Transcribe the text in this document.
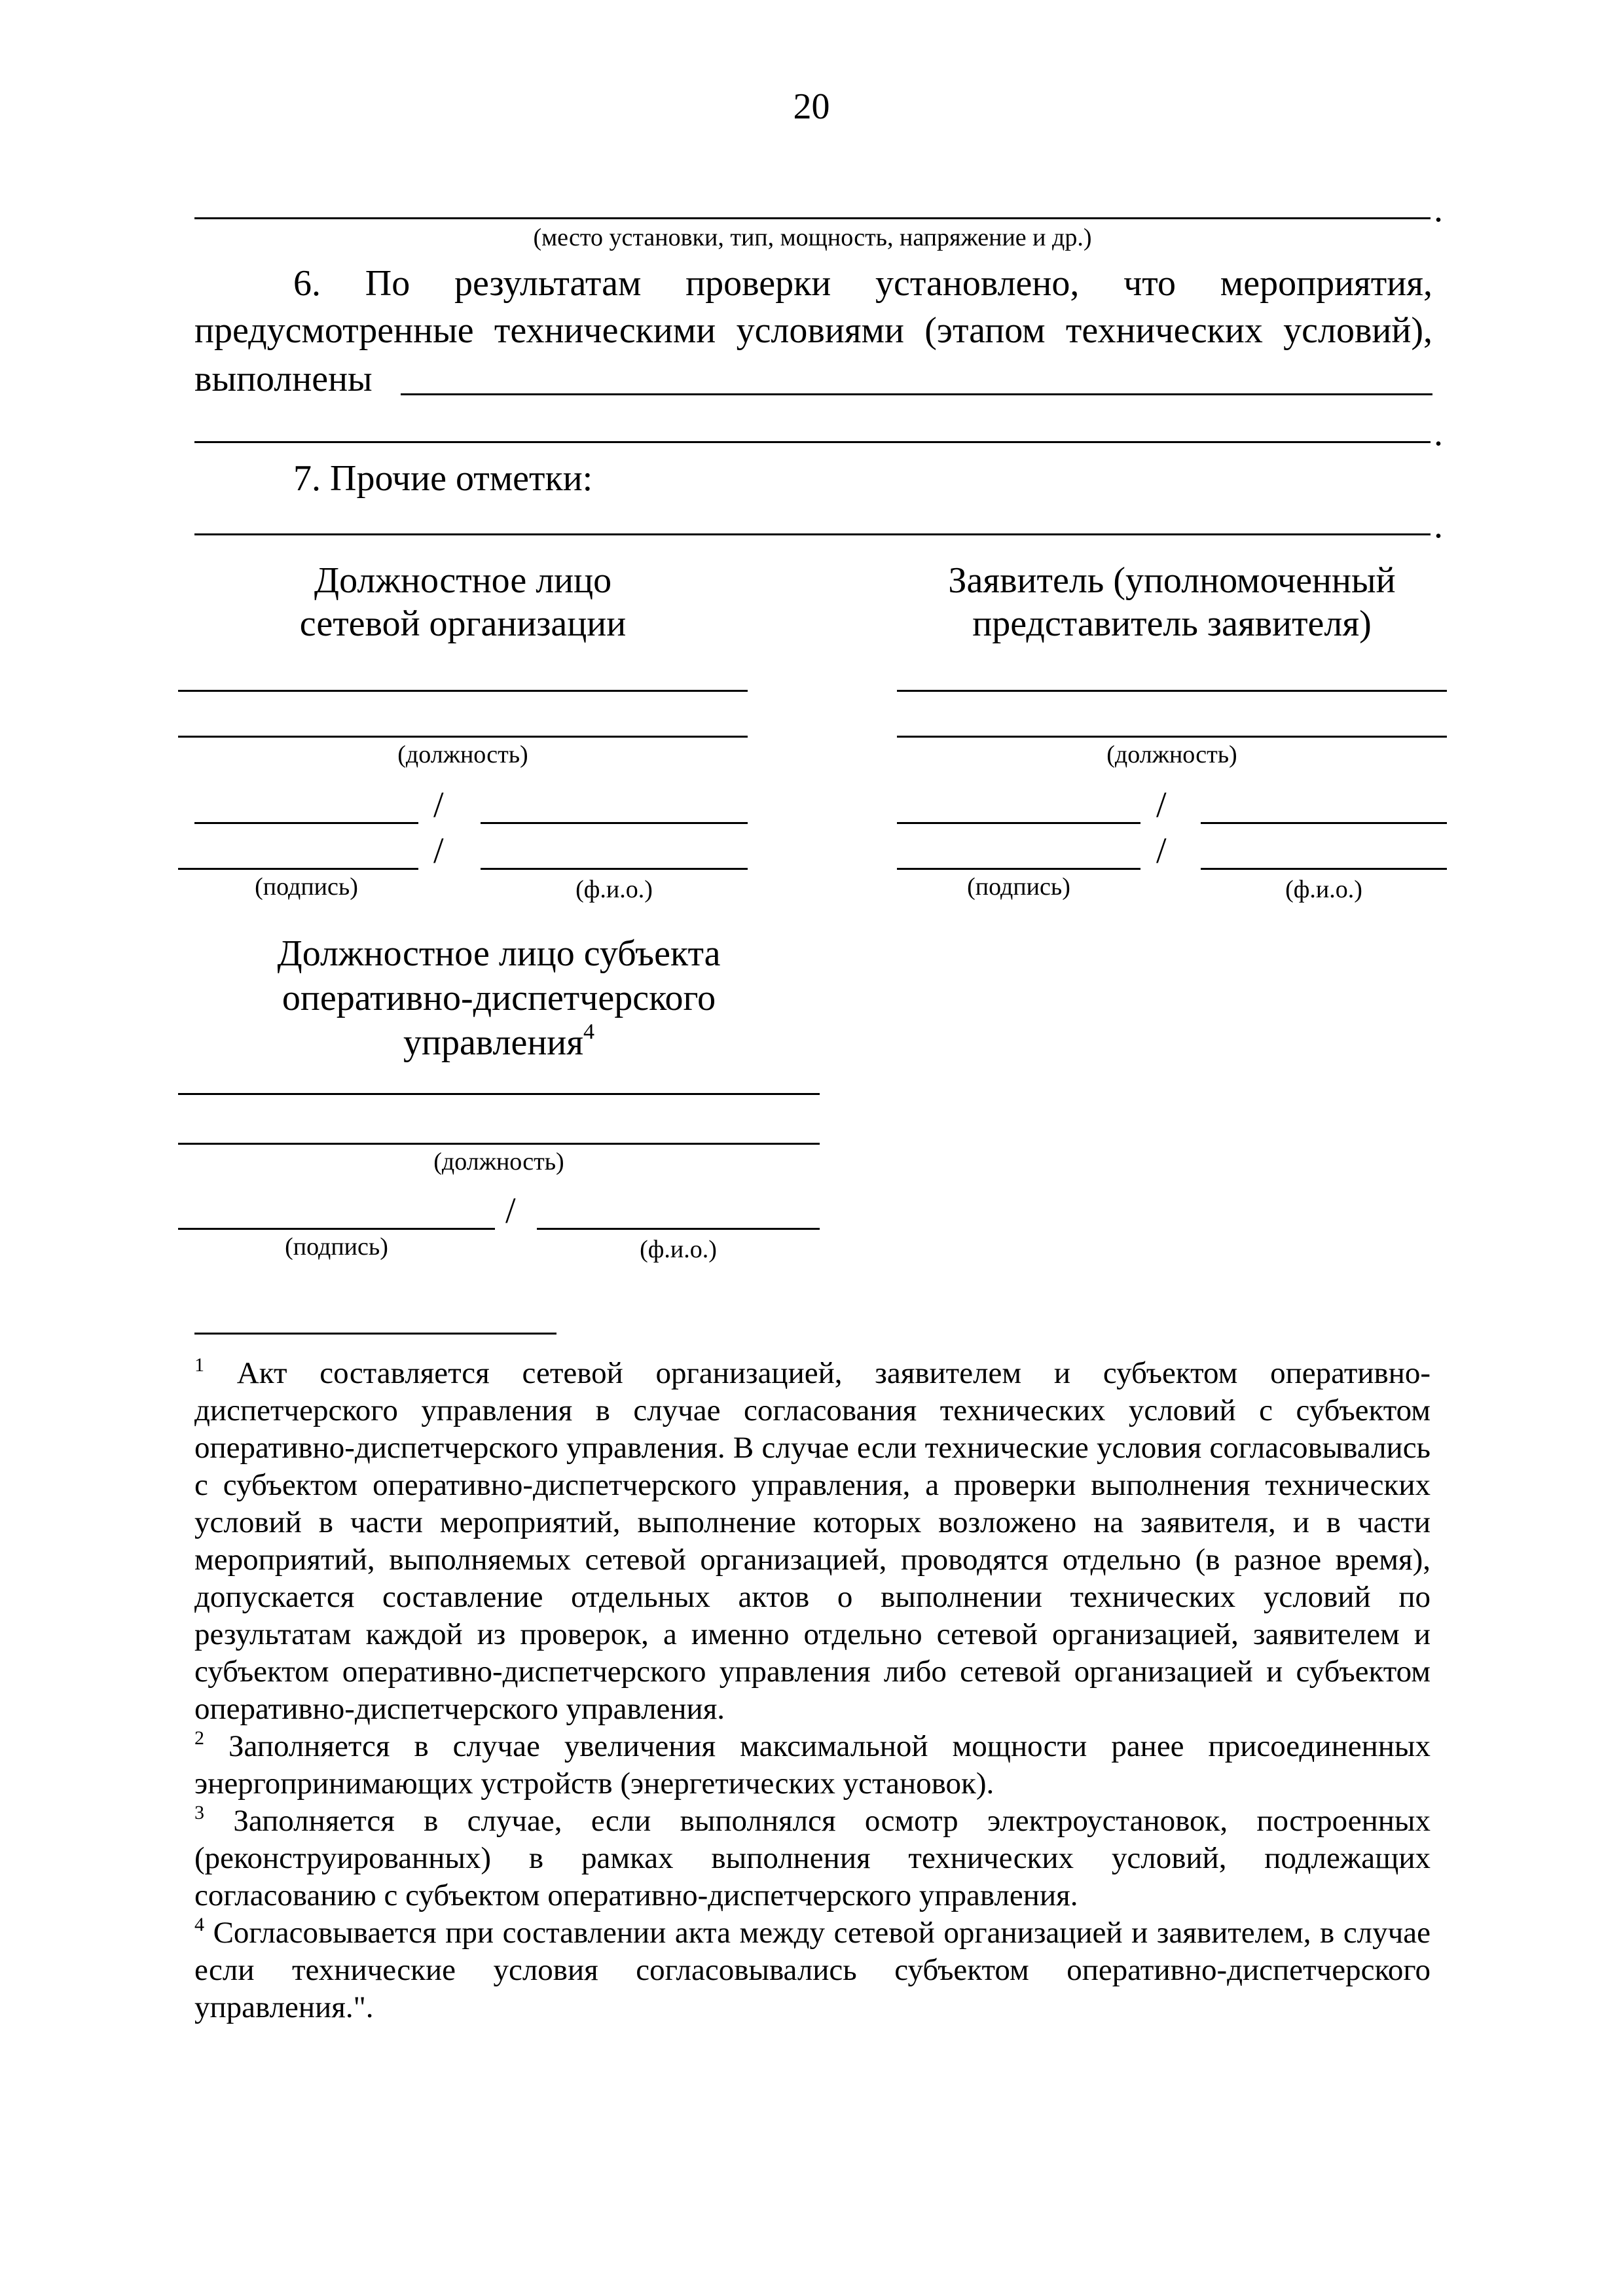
20
.
(место установки, тип, мощность, напряжение и др.)
6. По результатам проверки установлено, что мероприятия,
предусмотренные техническими условиями (этапом технических условий),
выполнены
.
7. Прочие отметки:
.
Должностное лицо
сетевой организации
(должность)
/
/
(подпись)	(ф.и.о.)
Заявитель (уполномоченный
представитель заявителя)
(должность)
/
/
(подпись)	(ф.и.о.)
Должностное лицо субъекта
оперативно-диспетчерского
управления$^4$
(должность)
/
(подпись)	(ф.и.о.)

$^1$ Акт составляется сетевой организацией, заявителем и субъектом оперативно-диспетчерского управления в случае согласования технических условий с субъектом оперативно-диспетчерского управления. В случае если технические условия согласовывались с субъектом оперативно-диспетчерского управления, а проверки выполнения технических условий в части мероприятий, выполнение которых возложено на заявителя, и в части мероприятий, выполняемых сетевой организацией, проводятся отдельно (в разное время), допускается составление отдельных актов о выполнении технических условий по результатам каждой из проверок, а именно отдельно сетевой организацией, заявителем и субъектом оперативно-диспетчерского управления либо сетевой организацией и субъектом оперативно-диспетчерского управления.

$^2$ Заполняется в случае увеличения максимальной мощности ранее присоединенных энергопринимающих устройств (энергетических установок).

$^3$ Заполняется в случае, если выполнялся осмотр электроустановок, построенных (реконструированных) в рамках выполнения технических условий, подлежащих согласованию с субъектом оперативно-диспетчерского управления.

$^4$ Согласовывается при составлении акта между сетевой организацией и заявителем, в случае если технические условия согласовывались субъектом оперативно-диспетчерского управления.".
